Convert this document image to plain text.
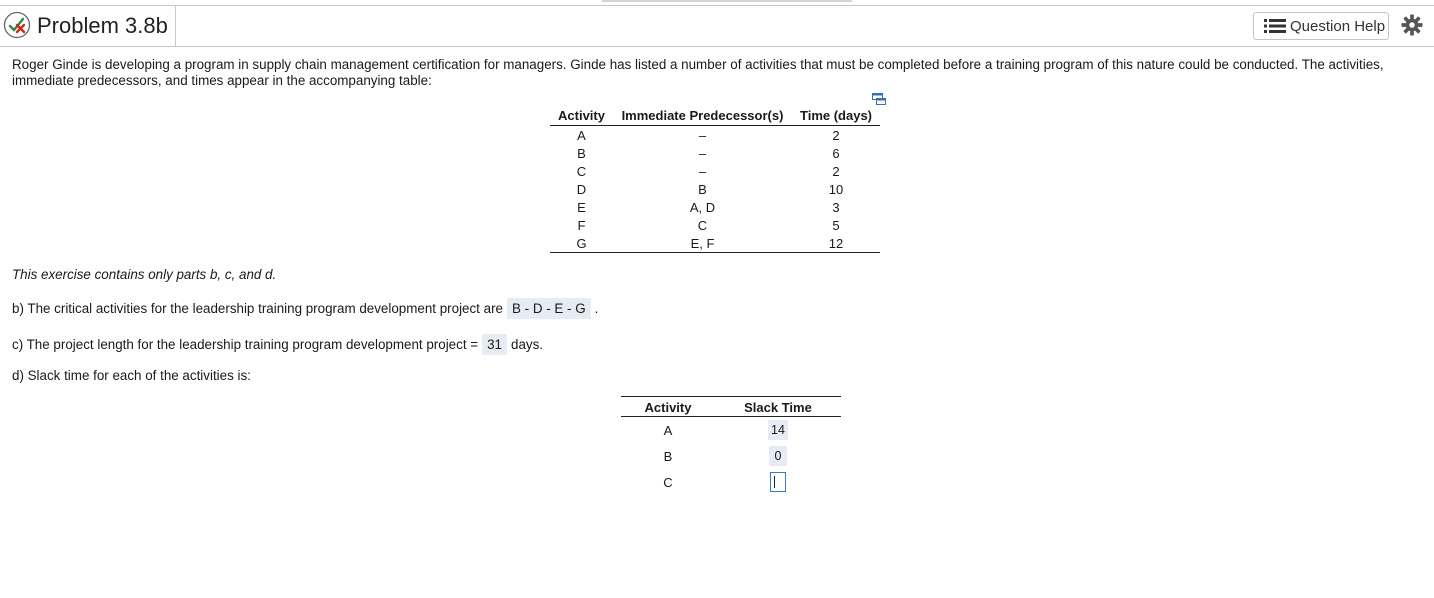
Problem 3.8b	Question Help
Roger Ginde is developing a program in supply chain management certification for managers. Ginde has listed a number of activities that must be completed before a training program of this nature could be conducted. The activities, immediate predecessors, and times appear in the accompanying table:
Activity	Immediate Predecessor(s)	Time (days)
A	–	2
B	–	6
C	–	2
D	B	10
E	A, D	3
F	C	5
G	E, F	12
This exercise contains only parts b, c, and d.
b) The critical activities for the leadership training program development project are B - D - E - G .
c) The project length for the leadership training program development project = 31 days.
d) Slack time for each of the activities is:
Activity	Slack Time
A	14
B	0
C	
